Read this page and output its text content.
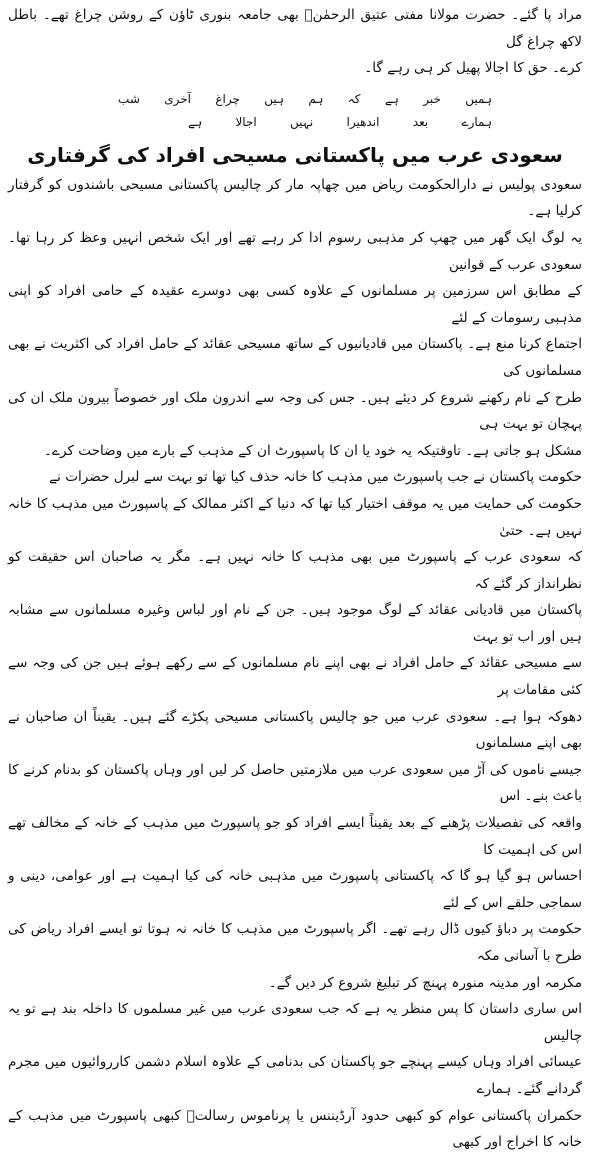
مراد پا گئے۔ حضرت مولانا مفتی عتیق الرحمٰنؒ بھی جامعہ بنوری ٹاؤن کے روشن چراغ تھے۔ باطل لاکھ چراغ گل

کرے۔ حق کا اجالا پھیل کر ہی رہے گا۔

ہمیں
خبر
ہے
کہ
ہم
ہیں
چراغ
آخری
شب
ہمارے
بعد
اندھیرا
نہیں
اجالا
ہے
سعودی عرب میں پاکستانی مسیحی افراد کی گرفتاری

سعودی پولیس نے دارالحکومت ریاض میں چھاپہ مار کر چالیس پاکستانی مسیحی باشندوں کو گرفتار کرلیا ہے۔

یہ لوگ ایک گھر میں چھپ کر مذہبی رسوم ادا کر رہے تھے اور ایک شخص انہیں وعظ کر رہا تھا۔ سعودی عرب کے قوانین

کے مطابق اس سرزمین پر مسلمانوں کے علاوہ کسی بھی دوسرے عقیدہ کے حامی افراد کو اپنی مذہبی رسومات کے لئے

اجتماع کرنا منع ہے۔ پاکستان میں قادیانیوں کے ساتھ مسیحی عقائد کے حامل افراد کی اکثریت نے بھی مسلمانوں کی

طرح کے نام رکھنے شروع کر دیئے ہیں۔ جس کی وجہ سے اندرون ملک اور خصوصاً بیرون ملک ان کی پہچان تو بہت ہی

مشکل ہو جاتی ہے۔ تاوقتیکہ یہ خود یا ان کا پاسپورٹ ان کے مذہب کے بارے میں وضاحت کرے۔

حکومت پاکستان نے جب پاسپورٹ میں مذہب کا خانہ حذف کیا تھا تو بہت سے لبرل حضرات نے

حکومت کی حمایت میں یہ موقف اختیار کیا تھا کہ دنیا کے اکثر ممالک کے پاسپورٹ میں مذہب کا خانہ نہیں ہے۔ حتیٰ

کہ سعودی عرب کے پاسپورٹ میں بھی مذہب کا خانہ نہیں ہے۔ مگر یہ صاحبان اس حقیقت کو نظرانداز کر گئے کہ

پاکستان میں قادیانی عقائد کے لوگ موجود ہیں۔ جن کے نام اور لباس وغیرہ مسلمانوں سے مشابہ ہیں اور اب تو بہت

سے مسیحی عقائد کے حامل افراد نے بھی اپنے نام مسلمانوں کے سے رکھے ہوئے ہیں جن کی وجہ سے کئی مقامات پر

دھوکہ ہوا ہے۔ سعودی عرب میں جو چالیس پاکستانی مسیحی پکڑے گئے ہیں۔ یقیناً ان صاحبان نے بھی اپنے مسلمانوں

جیسے ناموں کی آڑ میں سعودی عرب میں ملازمتیں حاصل کر لیں اور وہاں پاکستان کو بدنام کرنے کا باعث بنے۔ اس

واقعہ کی تفصیلات پڑھنے کے بعد یقیناً ایسے افراد کو جو پاسپورٹ میں مذہب کے خانہ کے مخالف تھے اس کی اہمیت کا

احساس ہو گیا ہو گا کہ پاکستانی پاسپورٹ میں مذہبی خانہ کی کیا اہمیت ہے اور عوامی، دینی و سماجی حلقے اس کے لئے

حکومت پر دباؤ کیوں ڈال رہے تھے۔ اگر پاسپورٹ میں مذہب کا خانہ نہ ہوتا تو ایسے افراد ریاض کی طرح با آسانی مکہ

مکرمہ اور مدینہ منورہ پہنچ کر تبلیغ شروع کر دیں گے۔

اس ساری داستان کا پس منظر یہ ہے کہ جب سعودی عرب میں غیر مسلموں کا داخلہ بند ہے تو یہ چالیس

عیسائی افراد وہاں کیسے پہنچے جو پاکستان کی بدنامی کے علاوہ اسلام دشمن کارروائیوں میں مجرم گردانے گئے۔ ہمارے

حکمران پاکستانی عوام کو کبھی حدود آرڈیننس یا پرناموس رسالتؐ کبھی پاسپورٹ میں مذہب کے خانہ کا اخراج اور کبھی
